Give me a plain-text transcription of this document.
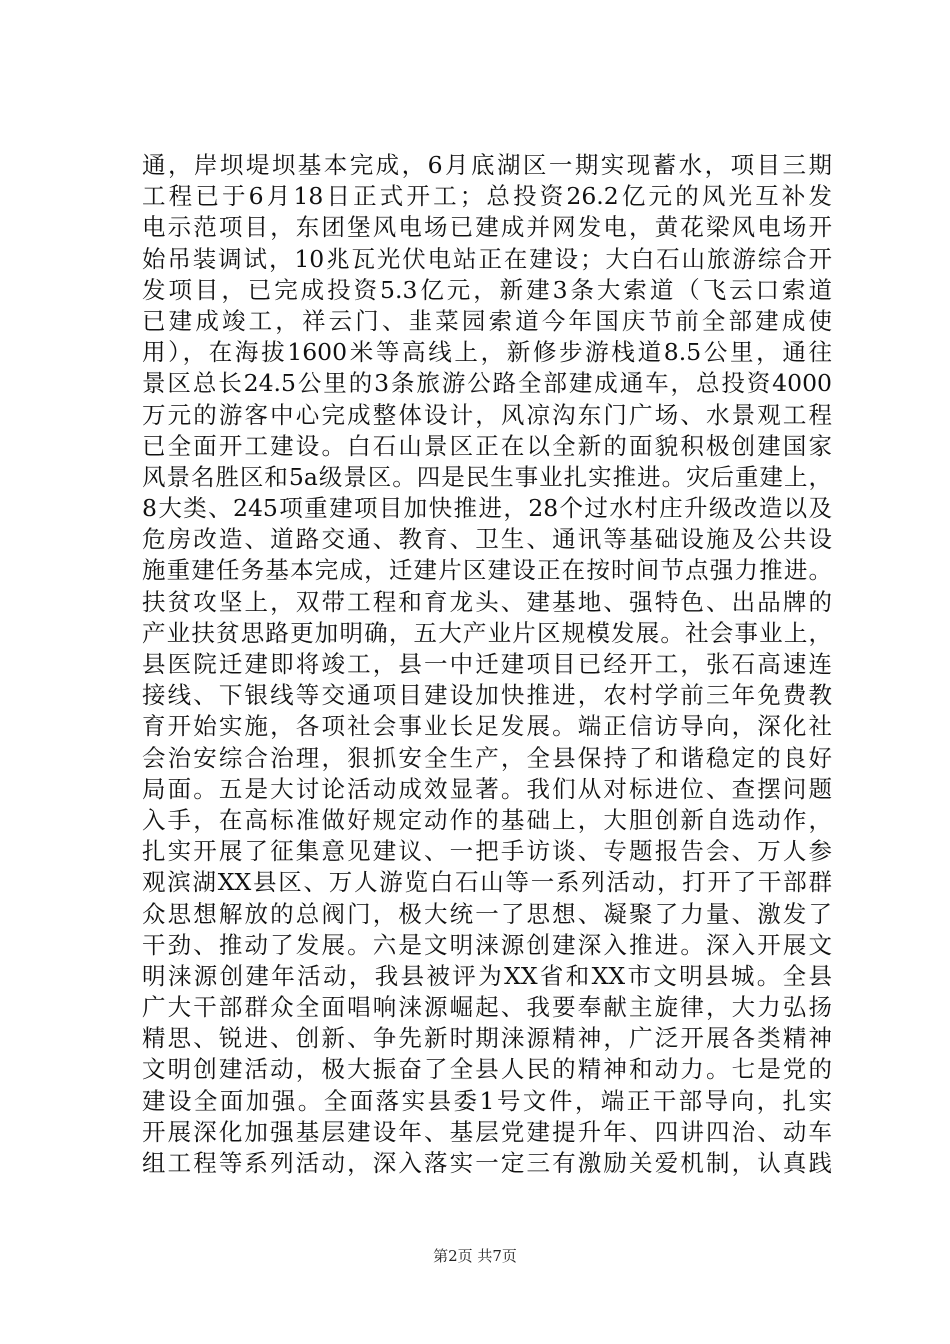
通，岸坝堤坝基本完成，6月底湖区一期实现蓄水，项目三期
工程已于6月18日正式开工；总投资26.2亿元的风光互补发
电示范项目，东团堡风电场已建成并网发电，黄花梁风电场开
始吊装调试，10兆瓦光伏电站正在建设；大白石山旅游综合开
发项目，已完成投资5.3亿元，新建3条大索道（飞云口索道
已建成竣工，祥云门、韭菜园索道今年国庆节前全部建成使
用），在海拔1600米等高线上，新修步游栈道8.5公里，通往
景区总长24.5公里的3条旅游公路全部建成通车，总投资4000
万元的游客中心完成整体设计，风凉沟东门广场、水景观工程
已全面开工建设。白石山景区正在以全新的面貌积极创建国家
风景名胜区和5a级景区。四是民生事业扎实推进。灾后重建上，
8大类、245项重建项目加快推进，28个过水村庄升级改造以及
危房改造、道路交通、教育、卫生、通讯等基础设施及公共设
施重建任务基本完成，迁建片区建设正在按时间节点强力推进。
扶贫攻坚上，双带工程和育龙头、建基地、强特色、出品牌的
产业扶贫思路更加明确，五大产业片区规模发展。社会事业上，
县医院迁建即将竣工，县一中迁建项目已经开工，张石高速连
接线、下银线等交通项目建设加快推进，农村学前三年免费教
育开始实施，各项社会事业长足发展。端正信访导向，深化社
会治安综合治理，狠抓安全生产，全县保持了和谐稳定的良好
局面。五是大讨论活动成效显著。我们从对标进位、查摆问题
入手，在高标准做好规定动作的基础上，大胆创新自选动作，
扎实开展了征集意见建议、一把手访谈、专题报告会、万人参
观滨湖XX县区、万人游览白石山等一系列活动，打开了干部群
众思想解放的总阀门，极大统一了思想、凝聚了力量、激发了
干劲、推动了发展。六是文明涞源创建深入推进。深入开展文
明涞源创建年活动，我县被评为XX省和XX市文明县城。全县
广大干部群众全面唱响涞源崛起、我要奉献主旋律，大力弘扬
精思、锐进、创新、争先新时期涞源精神，广泛开展各类精神
文明创建活动，极大振奋了全县人民的精神和动力。七是党的
建设全面加强。全面落实县委1号文件，端正干部导向，扎实
开展深化加强基层建设年、基层党建提升年、四讲四治、动车
组工程等系列活动，深入落实一定三有激励关爱机制，认真践
第2页 共7页
